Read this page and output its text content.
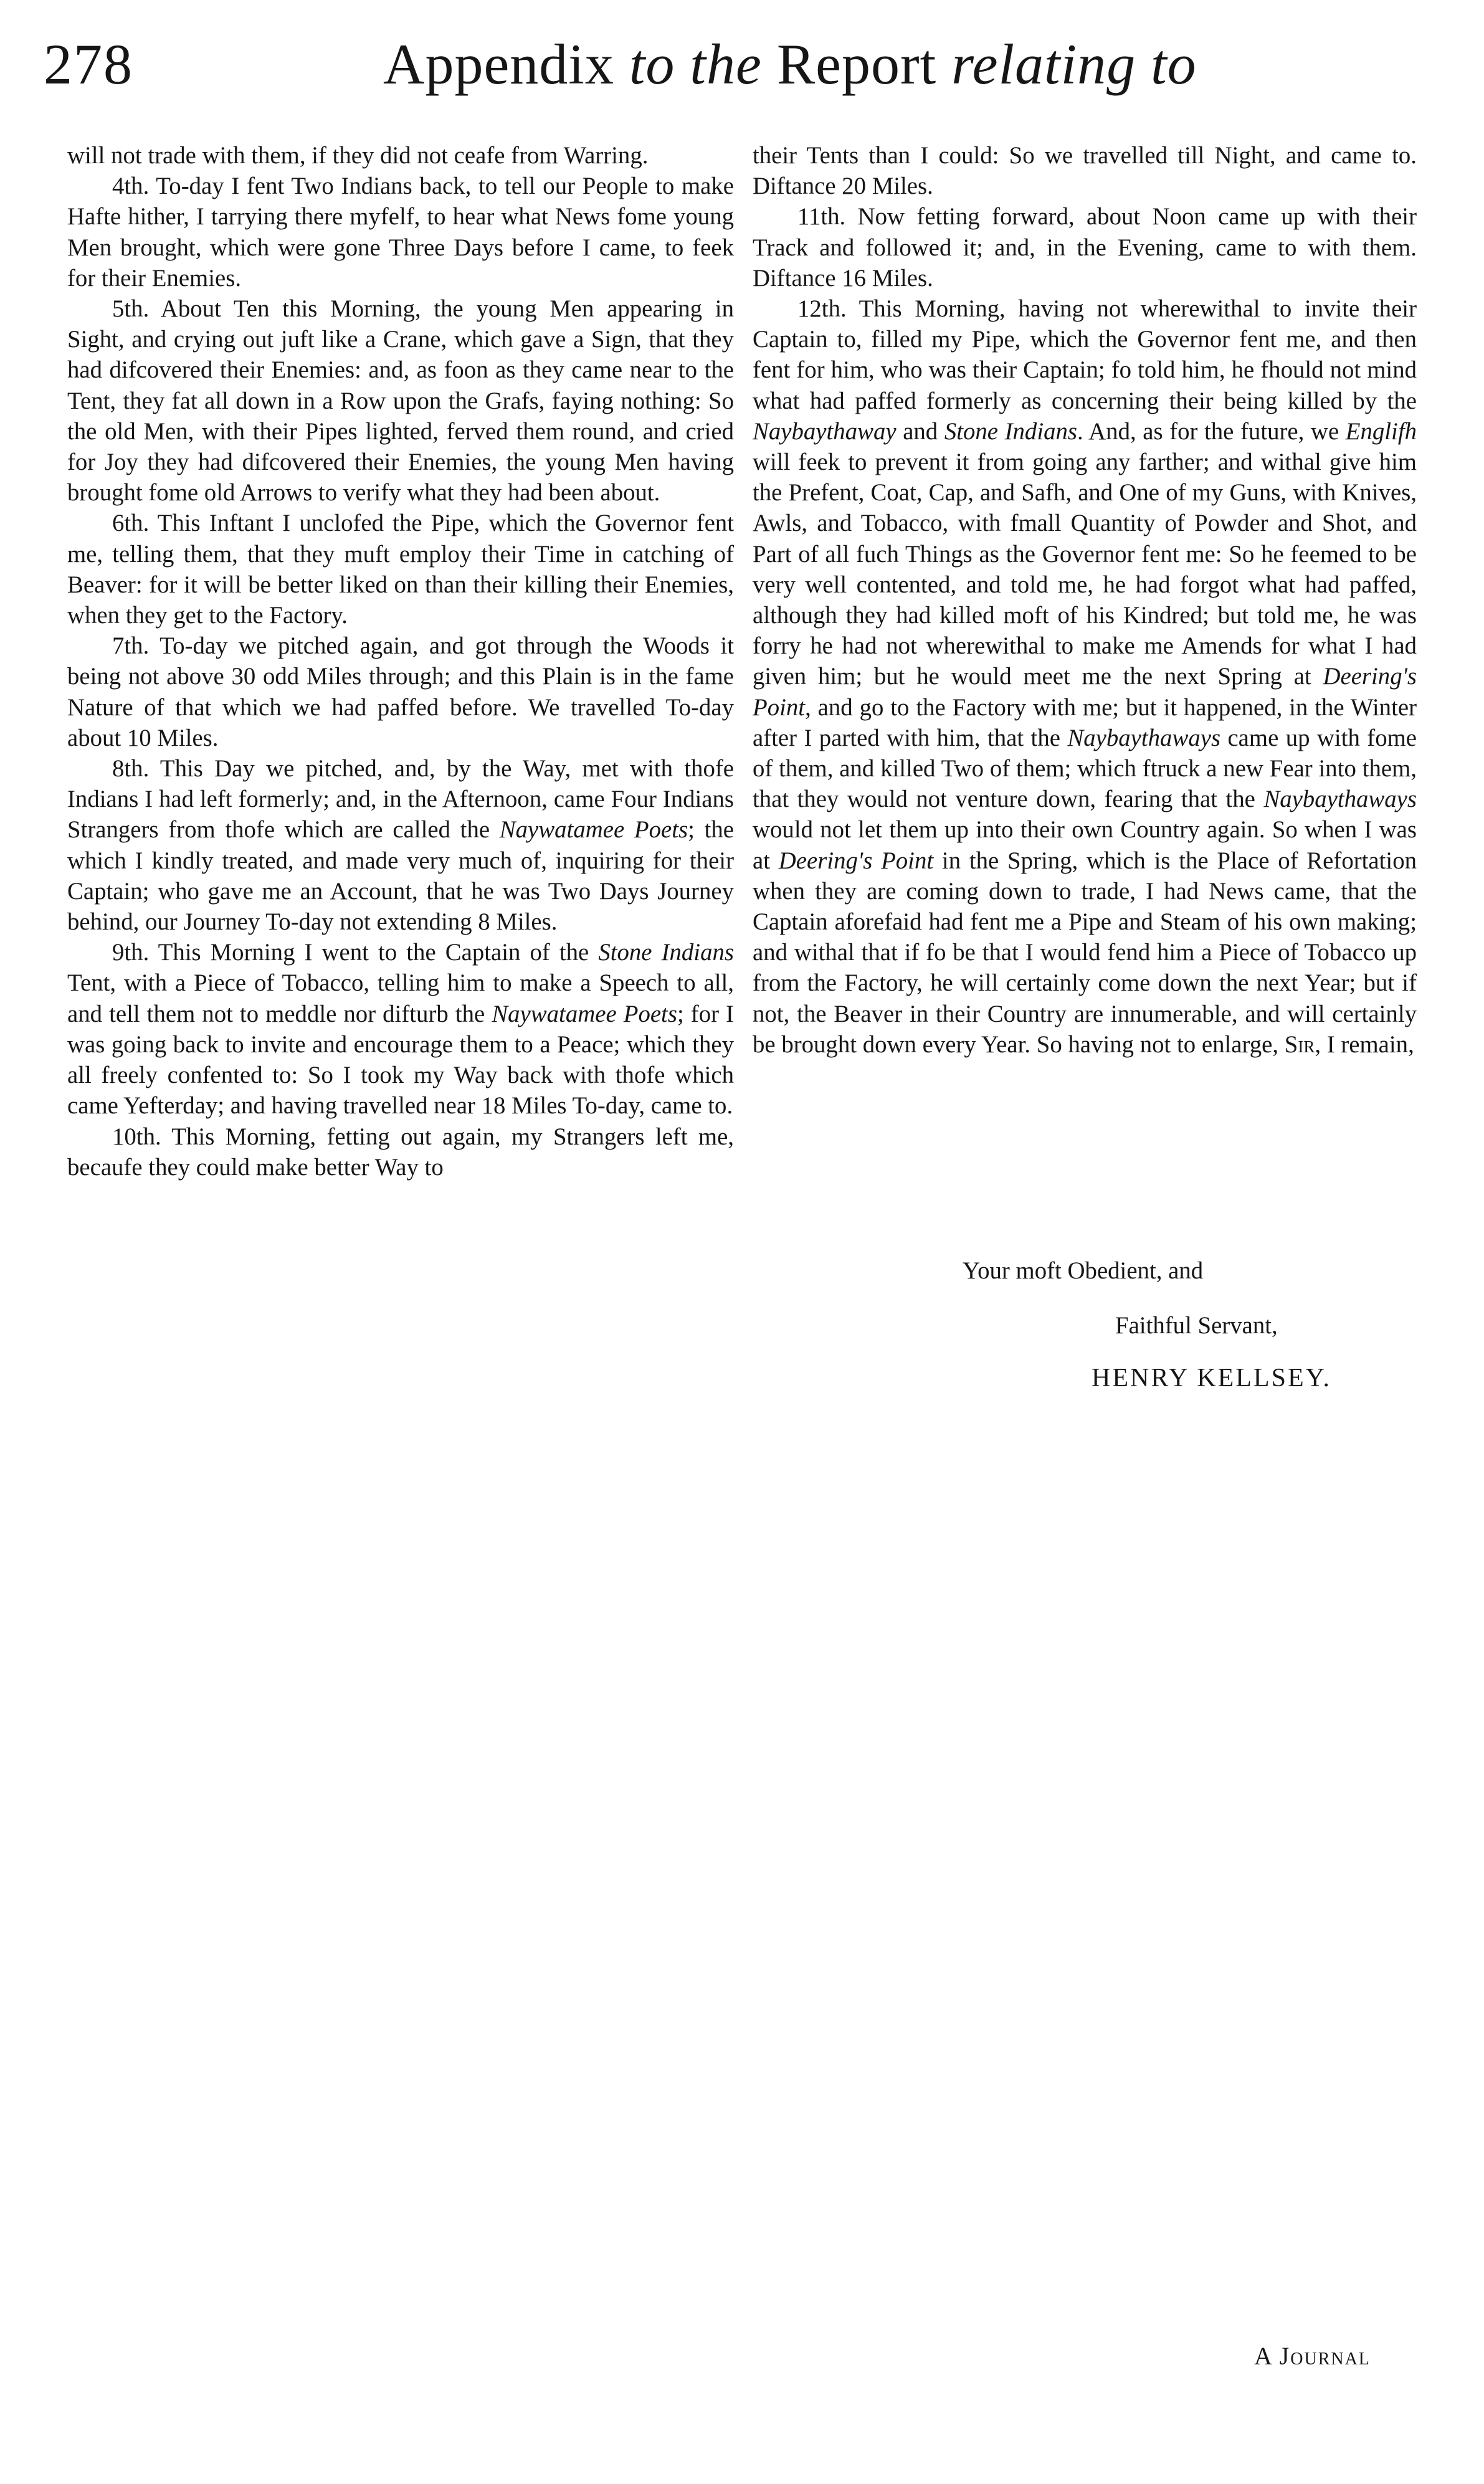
278	Appendix to the Report relating to

will not trade with them, if they did not ceafe from Warring.

4th. To-day I fent Two Indians back, to tell our People to make Hafte hither, I tarrying there myfelf, to hear what News fome young Men brought, which were gone Three Days before I came, to feek for their Enemies.

5th. About Ten this Morning, the young Men appearing in Sight, and crying out juft like a Crane, which gave a Sign, that they had difcovered their Enemies: and, as foon as they came near to the Tent, they fat all down in a Row upon the Grafs, faying nothing: So the old Men, with their Pipes lighted, ferved them round, and cried for Joy they had difcovered their Enemies, the young Men having brought fome old Arrows to verify what they had been about.

6th. This Inftant I unclofed the Pipe, which the Governor fent me, telling them, that they muft employ their Time in catching of Beaver: for it will be better liked on than their killing their Enemies, when they get to the Factory.

7th. To-day we pitched again, and got through the Woods it being not above 30 odd Miles through; and this Plain is in the fame Nature of that which we had paffed before. We travelled To-day about 10 Miles.

8th. This Day we pitched, and, by the Way, met with thofe Indians I had left formerly; and, in the Afternoon, came Four Indians Strangers from thofe which are called the Naywatamee Poets; the which I kindly treated, and made very much of, inquiring for their Captain; who gave me an Account, that he was Two Days Journey behind, our Journey To-day not extending 8 Miles.

9th. This Morning I went to the Captain of the Stone Indians Tent, with a Piece of Tobacco, telling him to make a Speech to all, and tell them not to meddle nor difturb the Naywatamee Poets; for I was going back to invite and encourage them to a Peace; which they all freely confented to: So I took my Way back with thofe which came Yefterday; and having travelled near 18 Miles To-day, came to.

10th. This Morning, fetting out again, my Strangers left me, becaufe they could make better Way to

their Tents than I could: So we travelled till Night, and came to. Diftance 20 Miles.

11th. Now fetting forward, about Noon came up with their Track and followed it; and, in the Evening, came to with them. Diftance 16 Miles.

12th. This Morning, having not wherewithal to invite their Captain to, filled my Pipe, which the Governor fent me, and then fent for him, who was their Captain; fo told him, he fhould not mind what had paffed formerly as concerning their being killed by the Naybaythaway and Stone Indians. And, as for the future, we Englifh will feek to prevent it from going any farther; and withal give him the Prefent, Coat, Cap, and Safh, and One of my Guns, with Knives, Awls, and Tobacco, with fmall Quantity of Powder and Shot, and Part of all fuch Things as the Governor fent me: So he feemed to be very well contented, and told me, he had forgot what had paffed, although they had killed moft of his Kindred; but told me, he was forry he had not wherewithal to make me Amends for what I had given him; but he would meet me the next Spring at Deering's Point, and go to the Factory with me; but it happened, in the Winter after I parted with him, that the Naybaythaways came up with fome of them, and killed Two of them; which ftruck a new Fear into them, that they would not venture down, fearing that the Naybaythaways would not let them up into their own Country again. So when I was at Deering's Point in the Spring, which is the Place of Refortation when they are coming down to trade, I had News came, that the Captain aforefaid had fent me a Pipe and Steam of his own making; and withal that if fo be that I would fend him a Piece of Tobacco up from the Factory, he will certainly come down the next Year; but if not, the Beaver in their Country are innumerable, and will certainly be brought down every Year. So having not to enlarge, Sir, I remain,

Your moft Obedient, and
Faithful Servant,
HENRY KELLSEY.
A Journal
